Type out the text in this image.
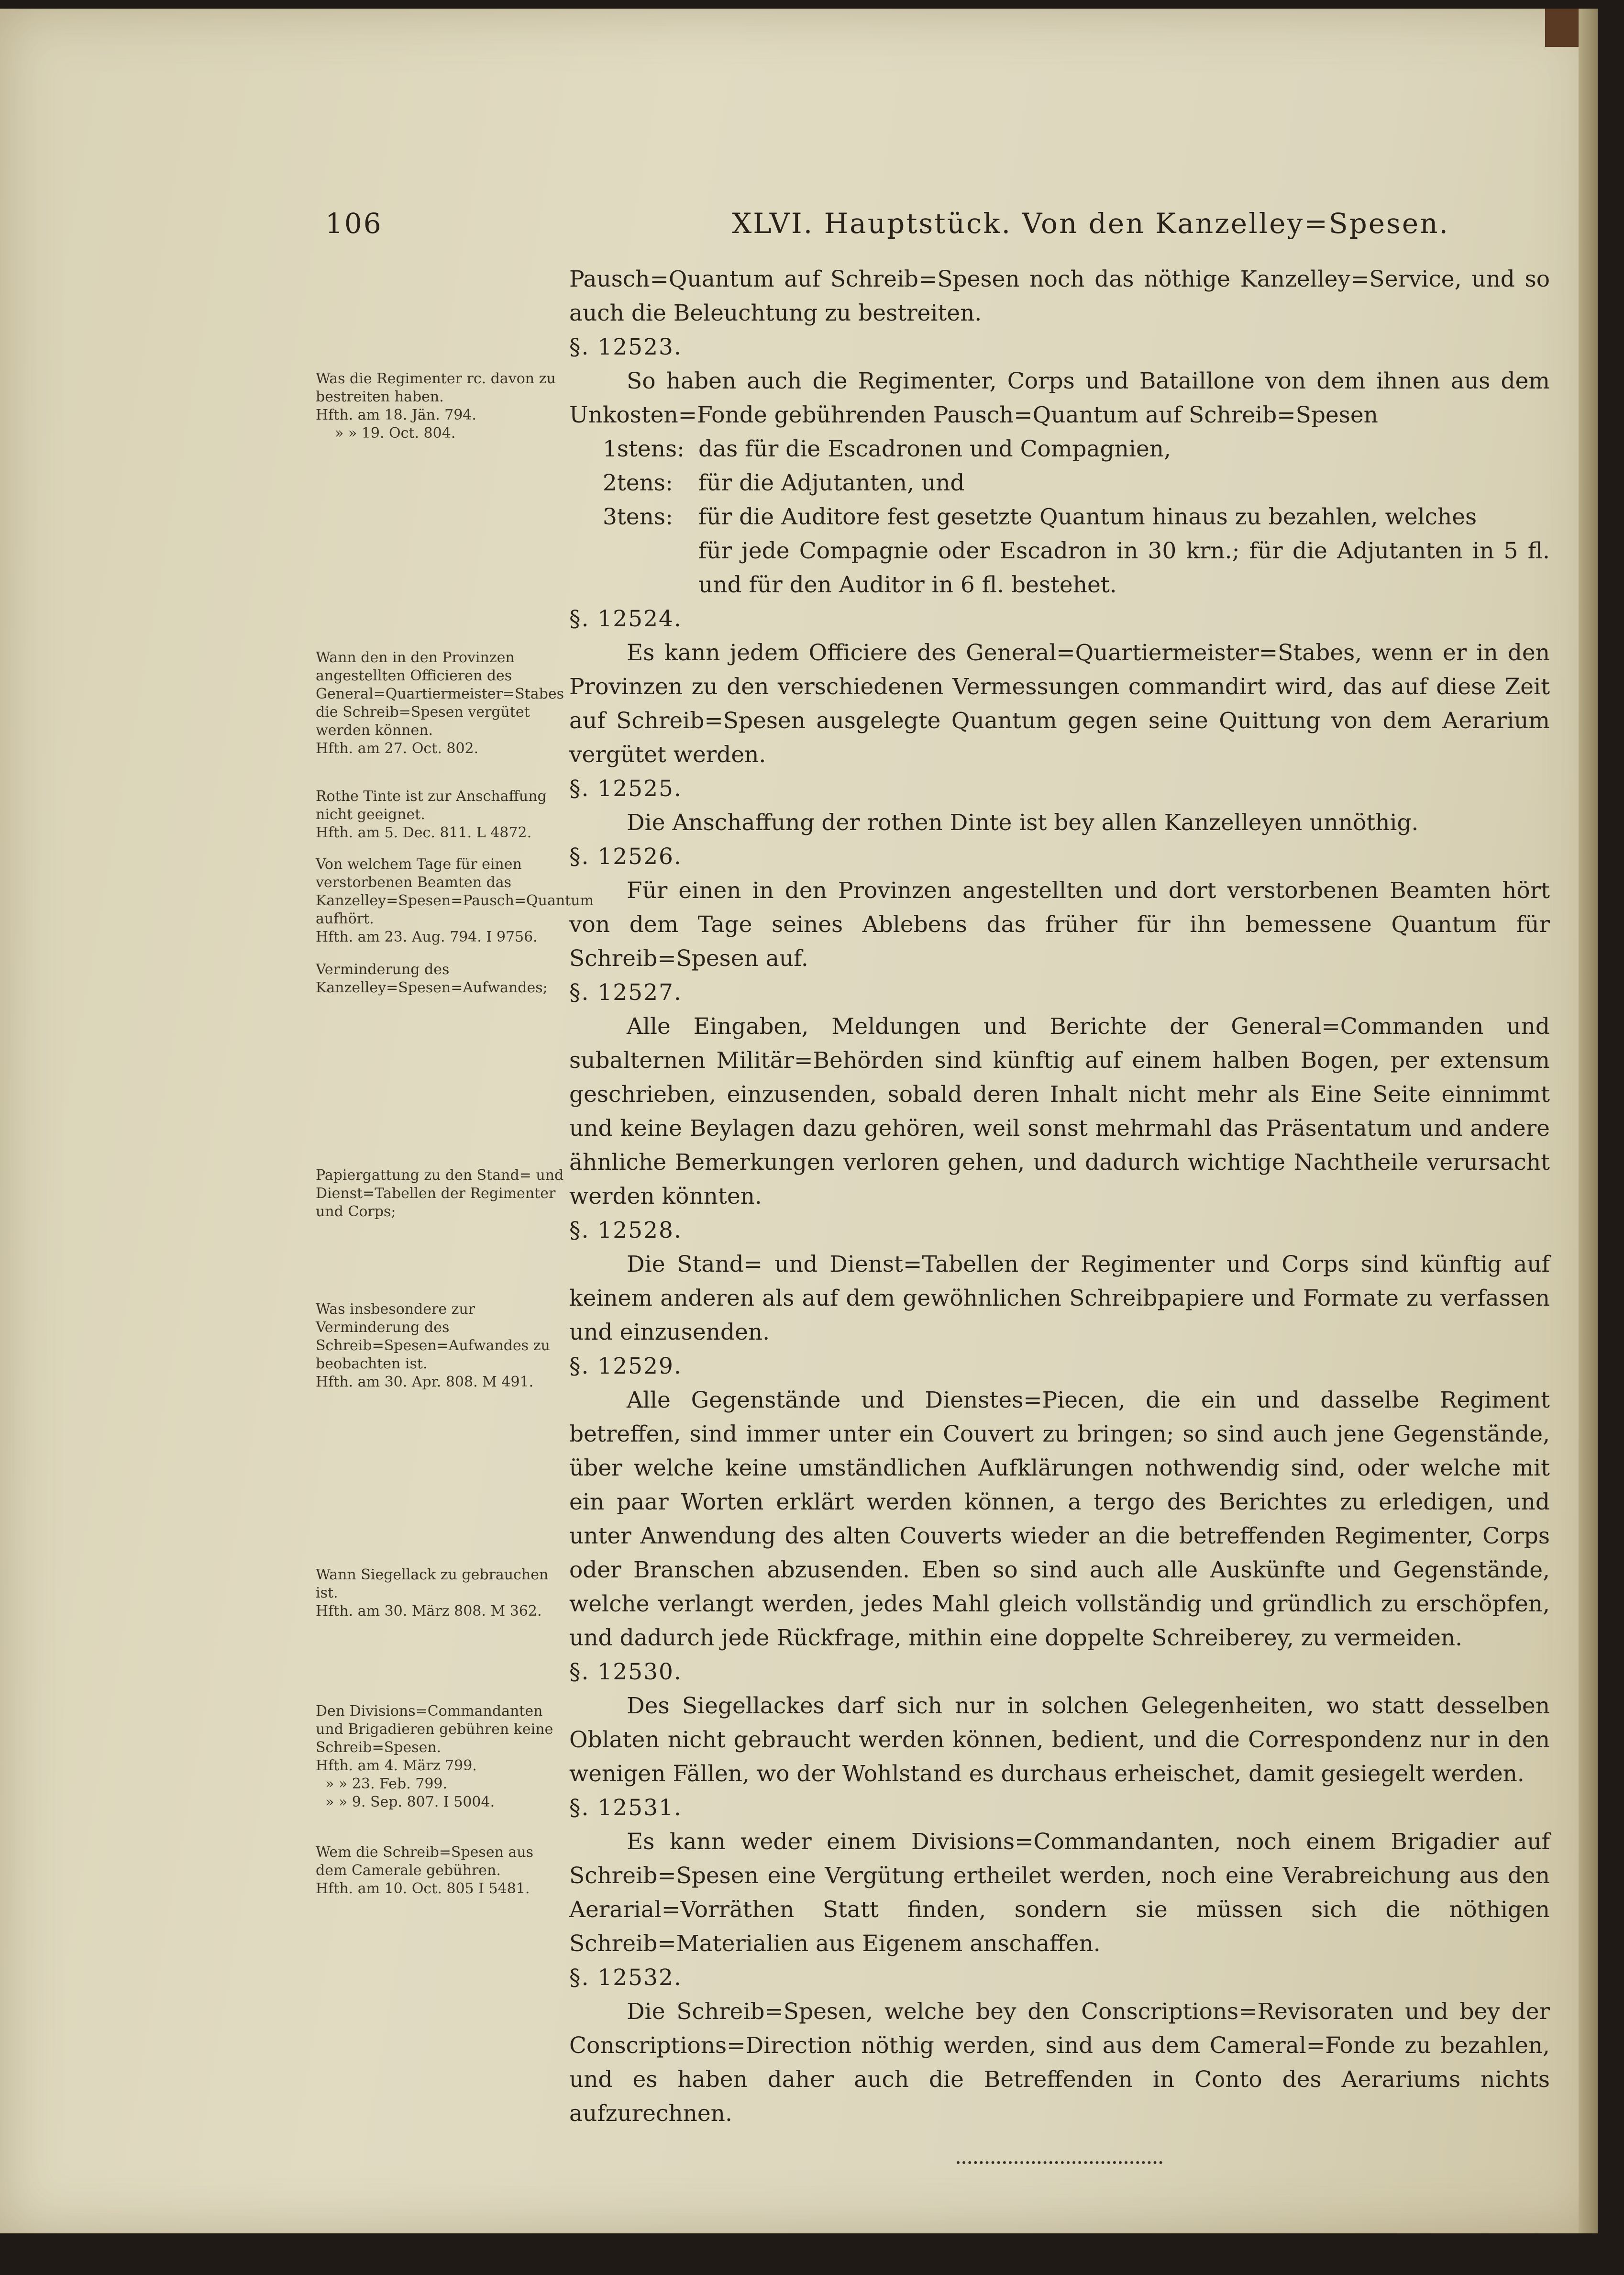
106	XLVI. Hauptstück. Von den Kanzelley=Spesen.
Was die Regimenter rc. davon zu bestreiten haben.
Hfth. am 18. Jän. 794.
» » 19. Oct. 804.
Wann den in den Provinzen angestellten Officieren des General=Quartiermeister=Stabes die Schreib=Spesen vergütet werden können.
Hfth. am 27. Oct. 802.
Rothe Tinte ist zur Anschaffung nicht geeignet.
Hfth. am 5. Dec. 811. L 4872.
Von welchem Tage für einen verstorbenen Beamten das Kanzelley=Spesen=Pausch=Quantum aufhört.
Hfth. am 23. Aug. 794. I 9756.
Verminderung des Kanzelley=Spesen=Aufwandes;
Papiergattung zu den Stand= und Dienst=Tabellen der Regimenter und Corps;
Was insbesondere zur Verminderung des Schreib=Spesen=Aufwandes zu beobachten ist.
Hfth. am 30. Apr. 808. M 491.
Wann Siegellack zu gebrauchen ist.
Hfth. am 30. März 808. M 362.
Den Divisions=Commandanten und Brigadieren gebühren keine Schreib=Spesen.
Hfth. am 4. März 799.
» » 23. Feb. 799.
» » 9. Sep. 807. I 5004.
Wem die Schreib=Spesen aus dem Camerale gebühren.
Hfth. am 10. Oct. 805 I 5481.

Pausch=Quantum auf Schreib=Spesen noch das nöthige Kanzelley=Service, und so auch die Beleuchtung zu bestreiten.

§. 12523.

So haben auch die Regimenter, Corps und Bataillone von dem ihnen aus dem Unkosten=Fonde gebührenden Pausch=Quantum auf Schreib=Spesen

1stens: das für die Escadronen und Compagnien,
2tens:	für die Adjutanten, und
3tens:	für die Auditore fest gesetzte Quantum hinaus zu bezahlen, welches

für jede Compagnie oder Escadron in 30 krn.; für die Adjutanten in 5 fl. und für den Auditor in 6 fl. bestehet.

§. 12524.

Es kann jedem Officiere des General=Quartiermeister=Stabes, wenn er in den Provinzen zu den verschiedenen Vermessungen commandirt wird, das auf diese Zeit auf Schreib=Spesen ausgelegte Quantum gegen seine Quittung von dem Aerarium vergütet werden.

§. 12525.

Die Anschaffung der rothen Dinte ist bey allen Kanzelleyen unnöthig.

§. 12526.

Für einen in den Provinzen angestellten und dort verstorbenen Beamten hört von dem Tage seines Ablebens das früher für ihn bemessene Quantum für Schreib=Spesen auf.

§. 12527.

Alle Eingaben, Meldungen und Berichte der General=Commanden und subalternen Militär=Behörden sind künftig auf einem halben Bogen, per extensum geschrieben, einzusenden, sobald deren Inhalt nicht mehr als Eine Seite einnimmt und keine Beylagen dazu gehören, weil sonst mehrmahl das Präsentatum und andere ähnliche Bemerkungen verloren gehen, und dadurch wichtige Nachtheile verursacht werden könnten.

§. 12528.

Die Stand= und Dienst=Tabellen der Regimenter und Corps sind künftig auf keinem anderen als auf dem gewöhnlichen Schreibpapiere und Formate zu verfassen und einzusenden.

§. 12529.

Alle Gegenstände und Dienstes=Piecen, die ein und dasselbe Regiment betreffen, sind immer unter ein Couvert zu bringen; so sind auch jene Gegenstände, über welche keine umständlichen Aufklärungen nothwendig sind, oder welche mit ein paar Worten erklärt werden können, a tergo des Berichtes zu erledigen, und unter Anwendung des alten Couverts wieder an die betreffenden Regimenter, Corps oder Branschen abzusenden. Eben so sind auch alle Auskünfte und Gegenstände, welche verlangt werden, jedes Mahl gleich vollständig und gründlich zu erschöpfen, und dadurch jede Rückfrage, mithin eine doppelte Schreiberey, zu vermeiden.

§. 12530.

Des Siegellackes darf sich nur in solchen Gelegenheiten, wo statt desselben Oblaten nicht gebraucht werden können, bedient, und die Correspondenz nur in den wenigen Fällen, wo der Wohlstand es durchaus erheischet, damit gesiegelt werden.

§. 12531.

Es kann weder einem Divisions=Commandanten, noch einem Brigadier auf Schreib=Spesen eine Vergütung ertheilet werden, noch eine Verabreichung aus den Aerarial=Vorräthen Statt finden, sondern sie müssen sich die nöthigen Schreib=Materialien aus Eigenem anschaffen.

§. 12532.

Die Schreib=Spesen, welche bey den Conscriptions=Revisoraten und bey der Conscriptions=Direction nöthig werden, sind aus dem Cameral=Fonde zu bezahlen, und es haben daher auch die Betreffenden in Conto des Aerariums nichts aufzurechnen.
